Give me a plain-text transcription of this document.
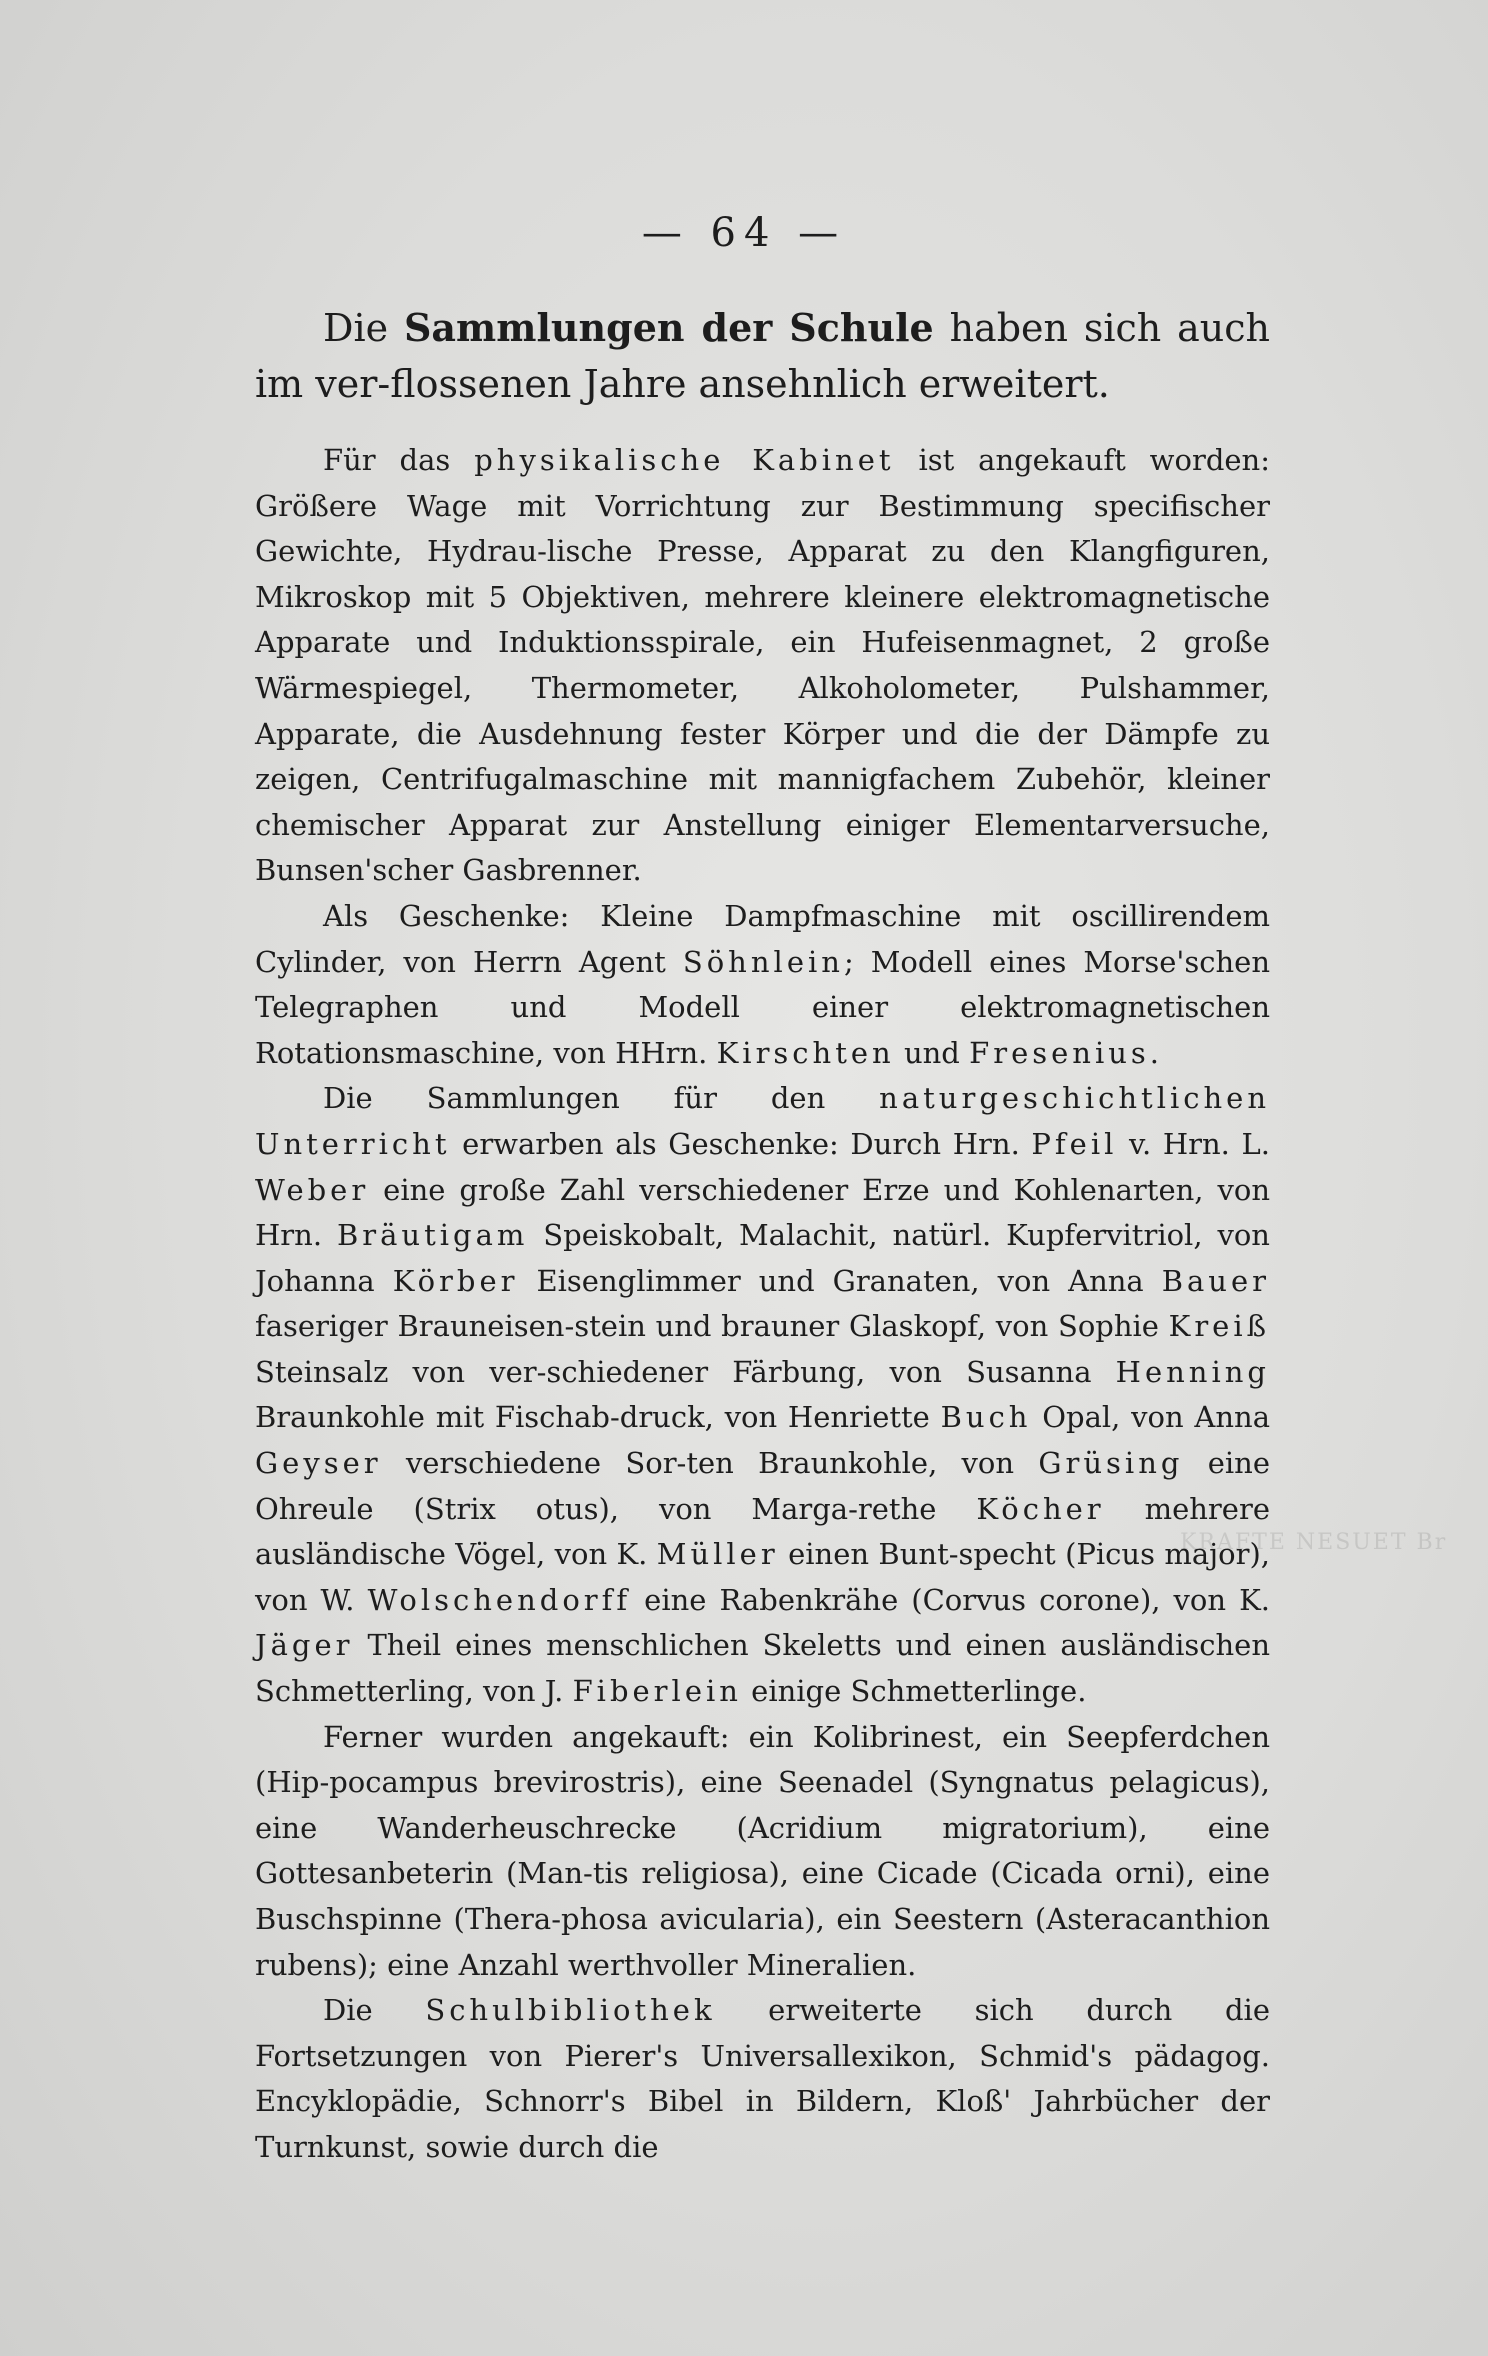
— 64 —

Die Sammlungen der Schule haben sich auch im ver-flossenen Jahre ansehnlich erweitert.

Für das physikalische Kabinet ist angekauft worden: Größere Wage mit Vorrichtung zur Bestimmung specifischer Gewichte, Hydrau-lische Presse, Apparat zu den Klangfiguren, Mikroskop mit 5 Objektiven, mehrere kleinere elektromagnetische Apparate und Induktionsspirale, ein Hufeisenmagnet, 2 große Wärmespiegel, Thermometer, Alkoholometer, Pulshammer, Apparate, die Ausdehnung fester Körper und die der Dämpfe zu zeigen, Centrifugalmaschine mit mannigfachem Zubehör, kleiner chemischer Apparat zur Anstellung einiger Elementarversuche, Bunsen'scher Gasbrenner.

Als Geschenke: Kleine Dampfmaschine mit oscillirendem Cylinder, von Herrn Agent Söhnlein; Modell eines Morse'schen Telegraphen und Modell einer elektromagnetischen Rotationsmaschine, von HHrn. Kirschten und Fresenius.

Die Sammlungen für den naturgeschichtlichen Unterricht erwarben als Geschenke: Durch Hrn. Pfeil v. Hrn. L. Weber eine große Zahl verschiedener Erze und Kohlenarten, von Hrn. Bräutigam Speiskobalt, Malachit, natürl. Kupfervitriol, von Johanna Körber Eisenglimmer und Granaten, von Anna Bauer faseriger Brauneisen-stein und brauner Glaskopf, von Sophie Kreiß Steinsalz von ver-schiedener Färbung, von Susanna Henning Braunkohle mit Fischab-druck, von Henriette Buch Opal, von Anna Geyser verschiedene Sor-ten Braunkohle, von Grüsing eine Ohreule (Strix otus), von Marga-rethe Köcher mehrere ausländische Vögel, von K. Müller einen Bunt-specht (Picus major), von W. Wolschendorff eine Rabenkrähe (Corvus corone), von K. Jäger Theil eines menschlichen Skeletts und einen ausländischen Schmetterling, von J. Fiberlein einige Schmetterlinge.

Ferner wurden angekauft: ein Kolibrinest, ein Seepferdchen (Hip-pocampus brevirostris), eine Seenadel (Syngnatus pelagicus), eine Wanderheuschrecke (Acridium migratorium), eine Gottesanbeterin (Man-tis religiosa), eine Cicade (Cicada orni), eine Buschspinne (Thera-phosa avicularia), ein Seestern (Asteracanthion rubens); eine Anzahl werthvoller Mineralien.

Die Schulbibliothek erweiterte sich durch die Fortsetzungen von Pierer's Universallexikon, Schmid's pädagog. Encyklopädie, Schnorr's Bibel in Bildern, Kloß' Jahrbücher der Turnkunst, sowie durch die

KRAFTE NESUET Br
